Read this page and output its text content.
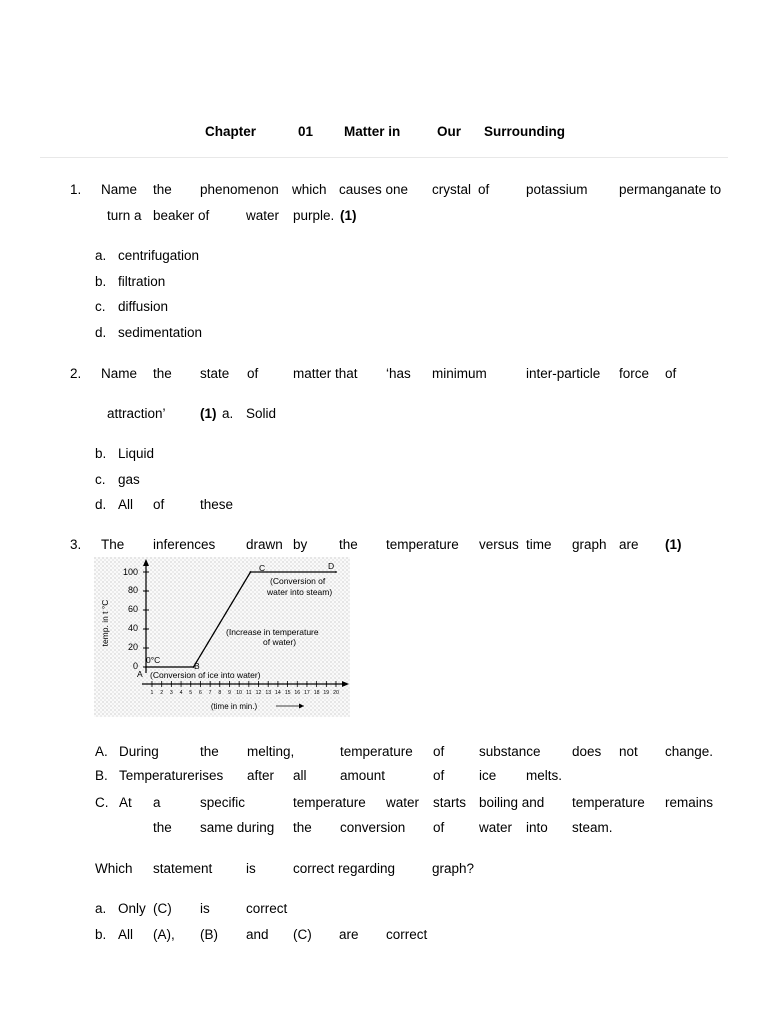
Chapter	01 Matter in	Our Surrounding
1. Name the phenomenon which causes one crystal of	potassium permanganate to
turn a beaker of	water purple. (1)
a. centrifugation
b. filtration
c. diffusion
d. sedimentation
2. Name the state of	matter that ‘has minimum	inter-particle force of
attraction’	(1) a. Solid
b. Liquid
c. gas
d. All of	these
3. The inferences drawn by the temperature versus time graph are (1)
100
80
60
40
20
0
1 2 3 4 5 6 7 8 9 10 11 12 13 14 15 16 17 18 19 20
temp. in t °C
(time in min.)
A
B
C	D
0°C
(Conversion of ice into water)
(Increase in temperature
of water)
(Conversion of
water into steam)
A. During	the melting,	temperature of	substance does not change.
B. Temperaturerises after all amount	of	ice melts.
C. At a	specific	temperature water starts boiling and temperature remains
the same during the conversion of	water into steam.
Which statement is	correct regarding	graph?
a. Only (C) is	correct
b. All (A), (B) and (C) are correct
